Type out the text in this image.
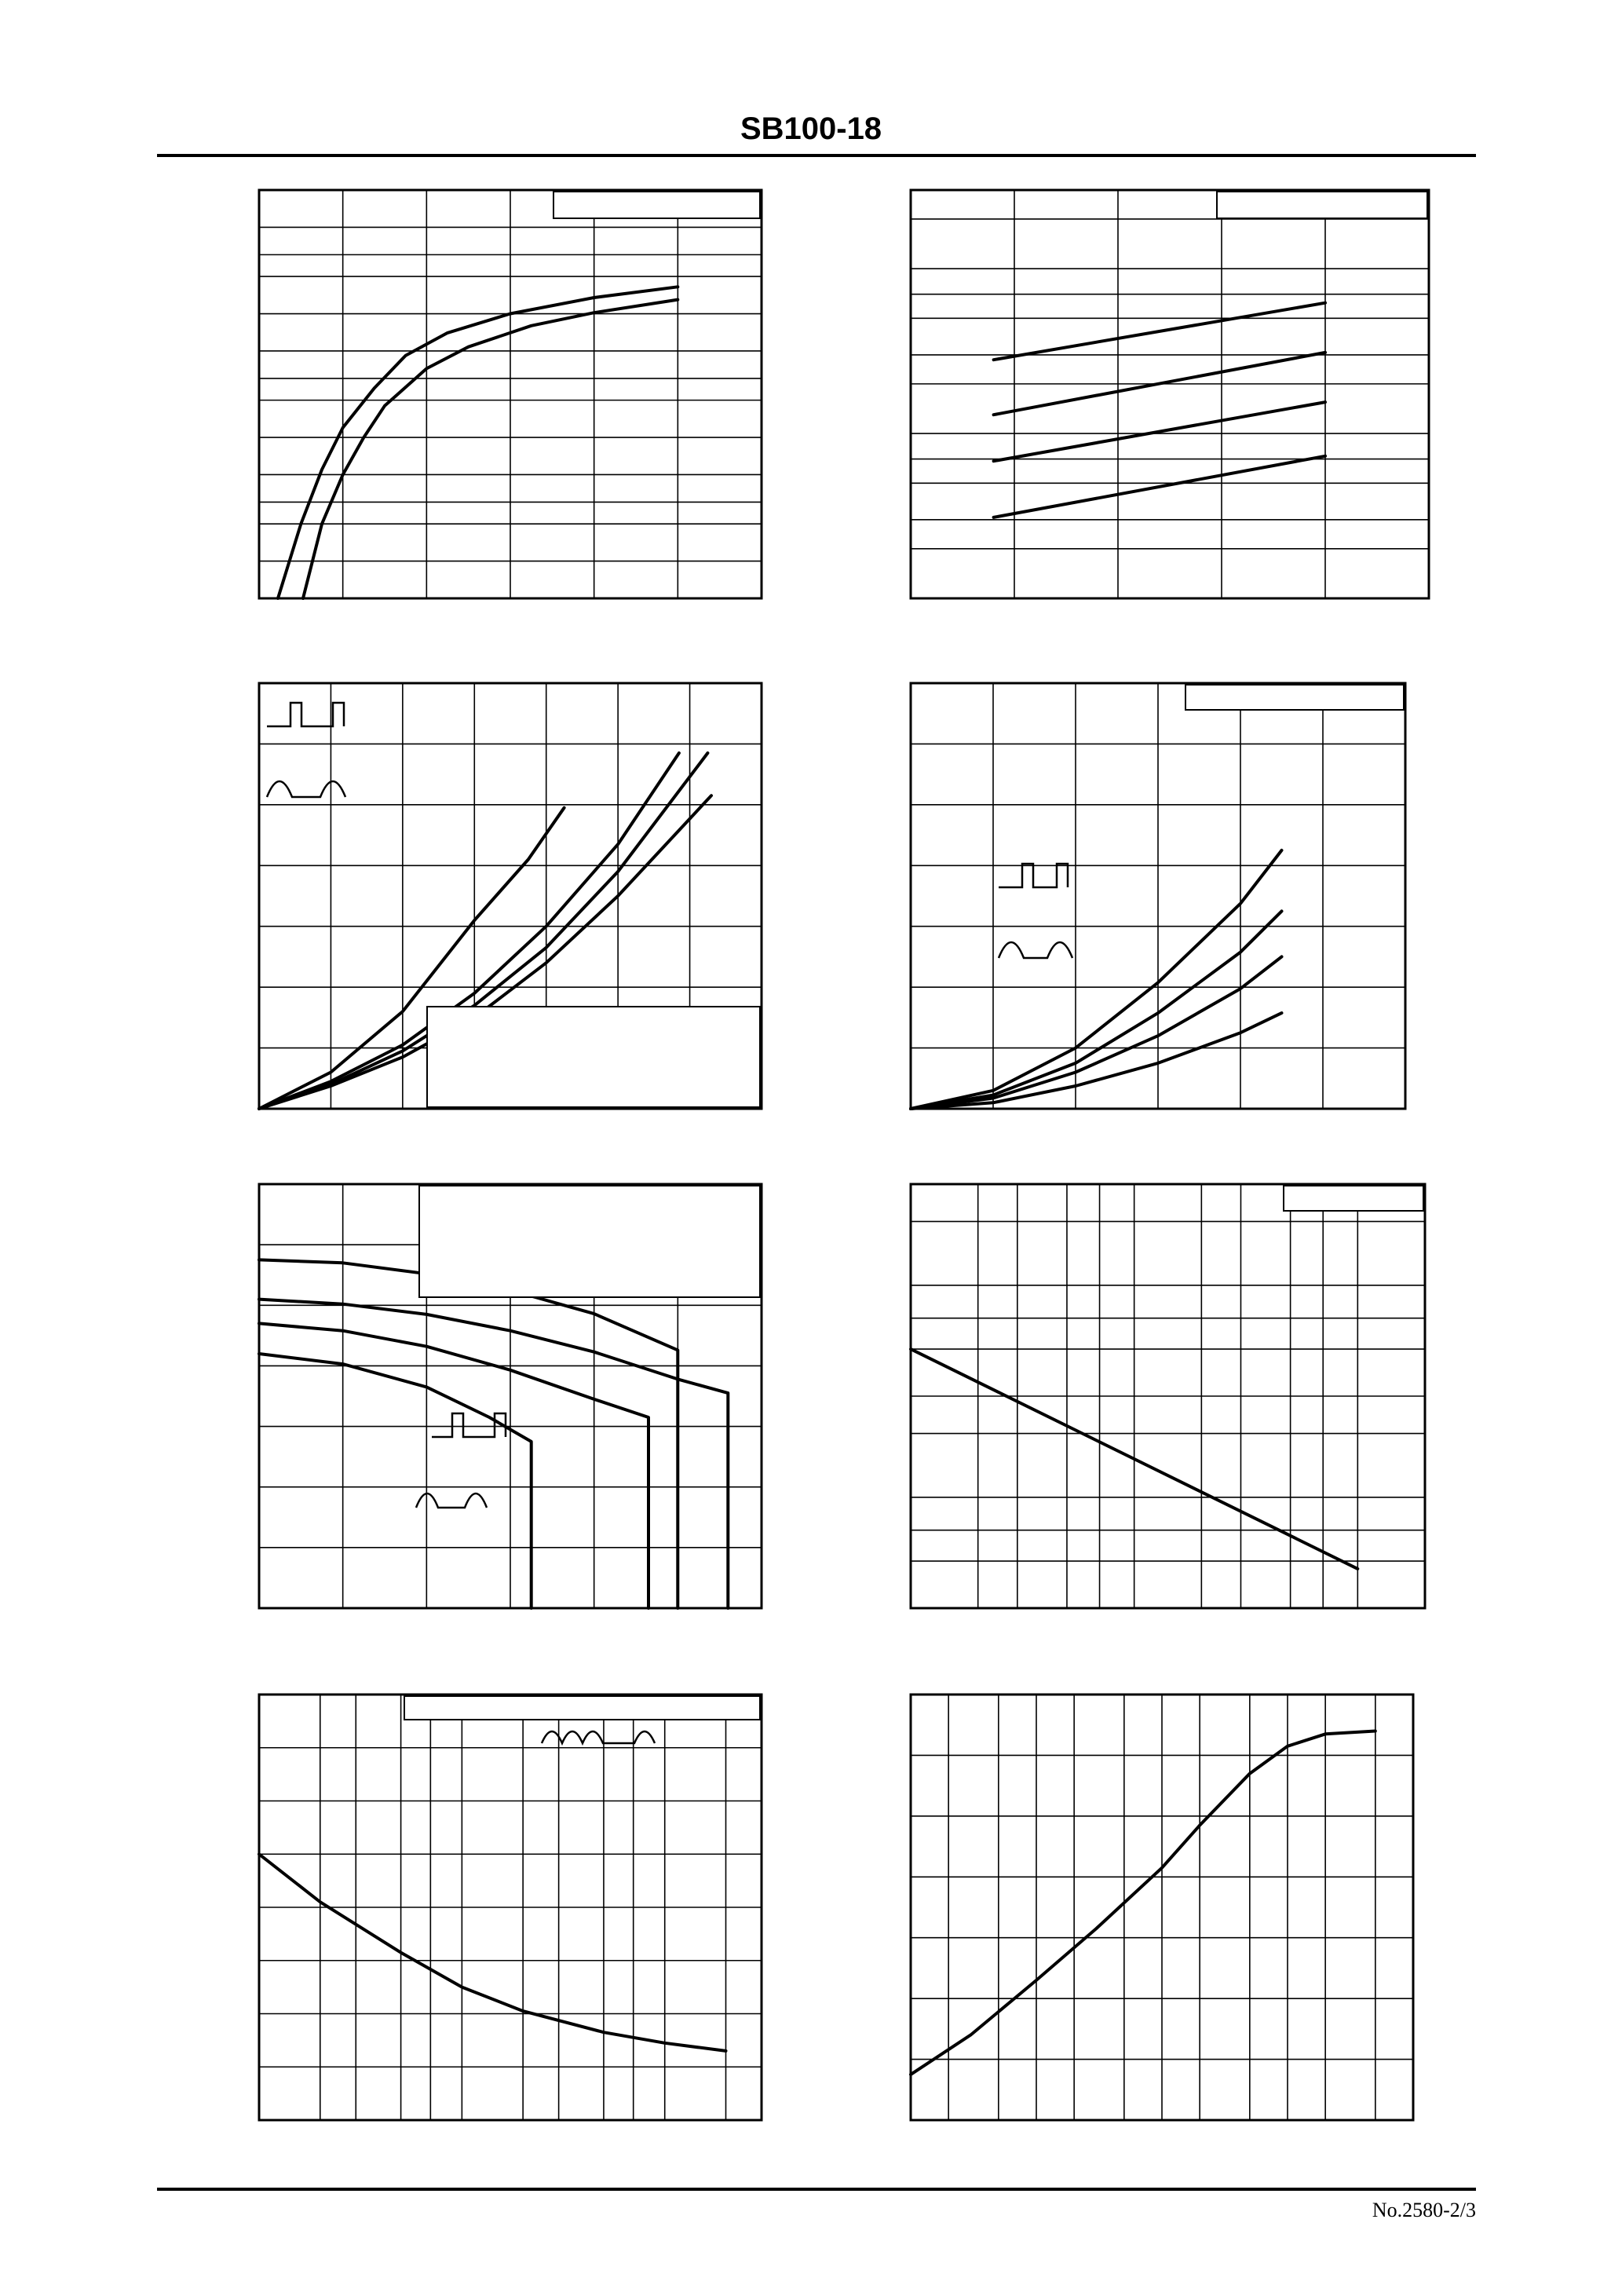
SB100-18
No.2580-2/3
